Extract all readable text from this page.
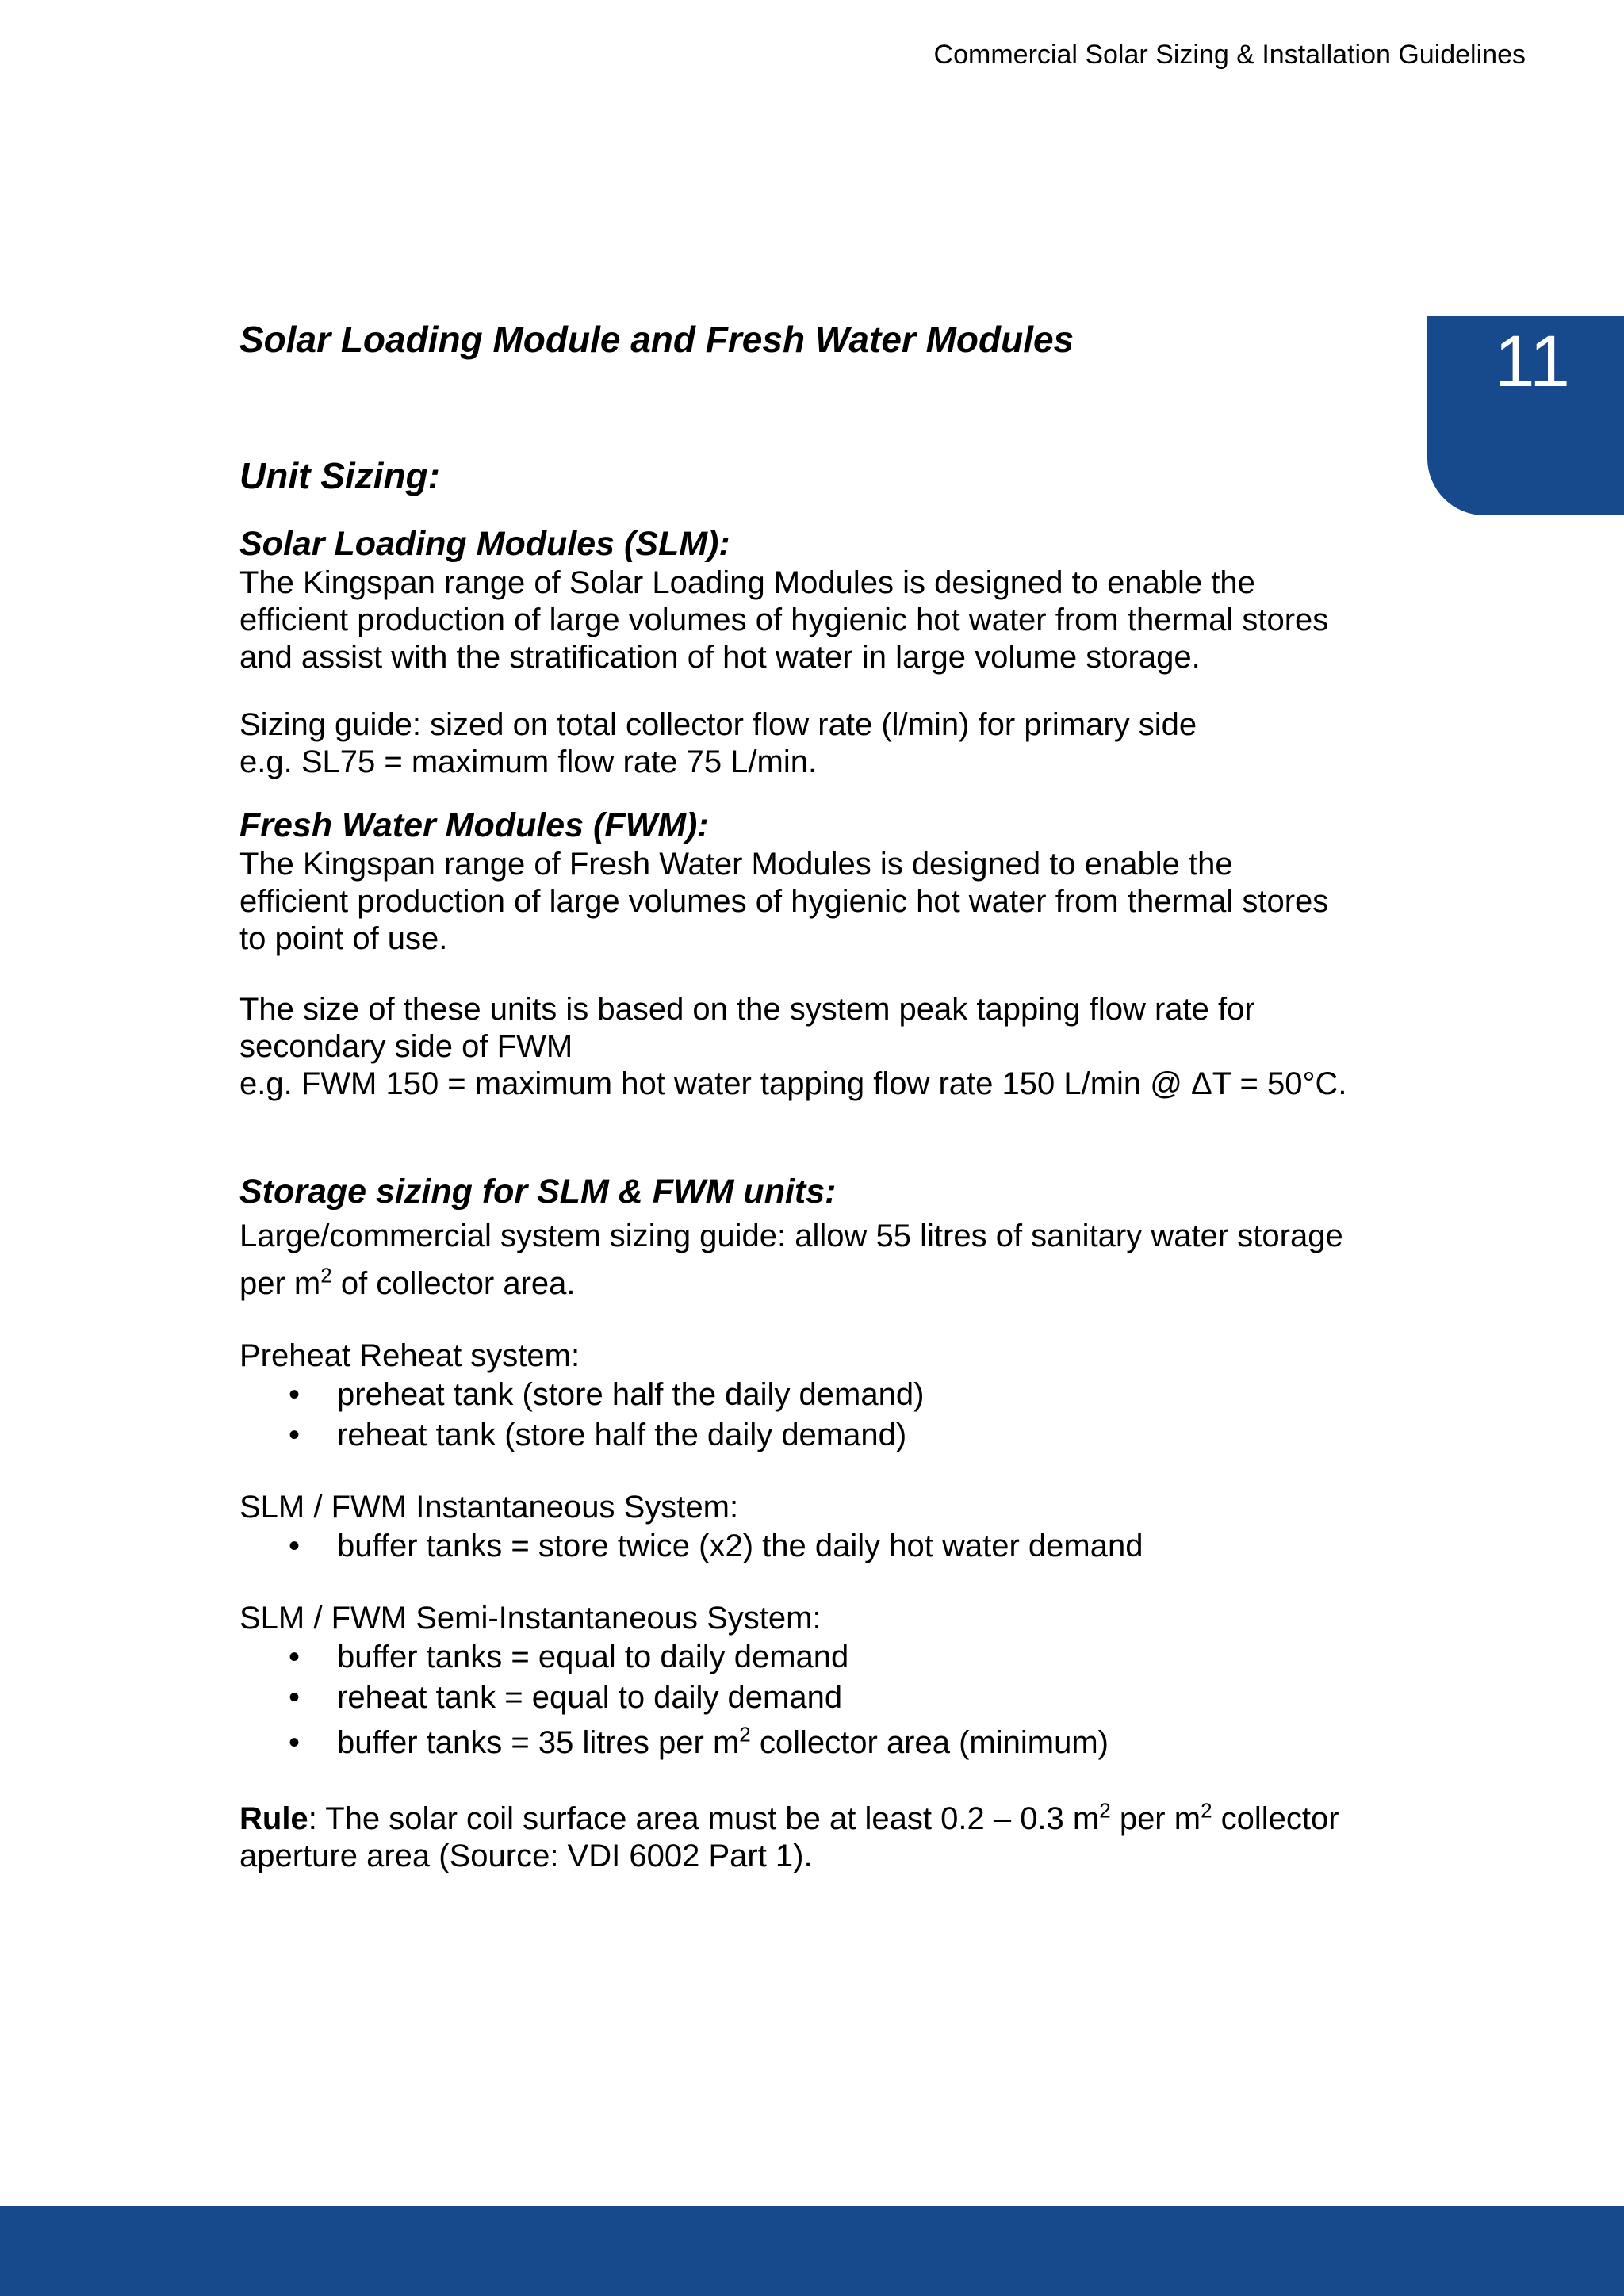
Commercial Solar Sizing & Installation Guidelines
11
Solar Loading Module and Fresh Water Modules
Unit Sizing:
Solar Loading Modules (SLM):

The Kingspan range of Solar Loading Modules is designed to enable the
efficient production of large volumes of hygienic hot water from thermal stores
and assist with the stratification of hot water in large volume storage.

Sizing guide: sized on total collector flow rate (l/min) for primary side
e.g. SL75 = maximum flow rate 75 L/min.

Fresh Water Modules (FWM):

The Kingspan range of Fresh Water Modules is designed to enable the
efficient production of large volumes of hygienic hot water from thermal stores
to point of use.

The size of these units is based on the system peak tapping flow rate for
secondary side of FWM
e.g. FWM 150 = maximum hot water tapping flow rate 150 L/min @ ΔT = 50°C.

Storage sizing for SLM & FWM units:

Large/commercial system sizing guide: allow 55 litres of sanitary water storage
per $m^2$ of collector area.

Preheat Reheat system:

• preheat tank (store half the daily demand)
• reheat tank (store half the daily demand)

SLM / FWM Instantaneous System:

• buffer tanks = store twice (x2) the daily hot water demand

SLM / FWM Semi-Instantaneous System:

• buffer tanks = equal to daily demand
• reheat tank = equal to daily demand
• buffer tanks = 35 litres per $m^2$ collector area (minimum)

Rule: The solar coil surface area must be at least 0.2 – 0.3 $m^2$ per $m^2$ collector
aperture area (Source: VDI 6002 Part 1).
